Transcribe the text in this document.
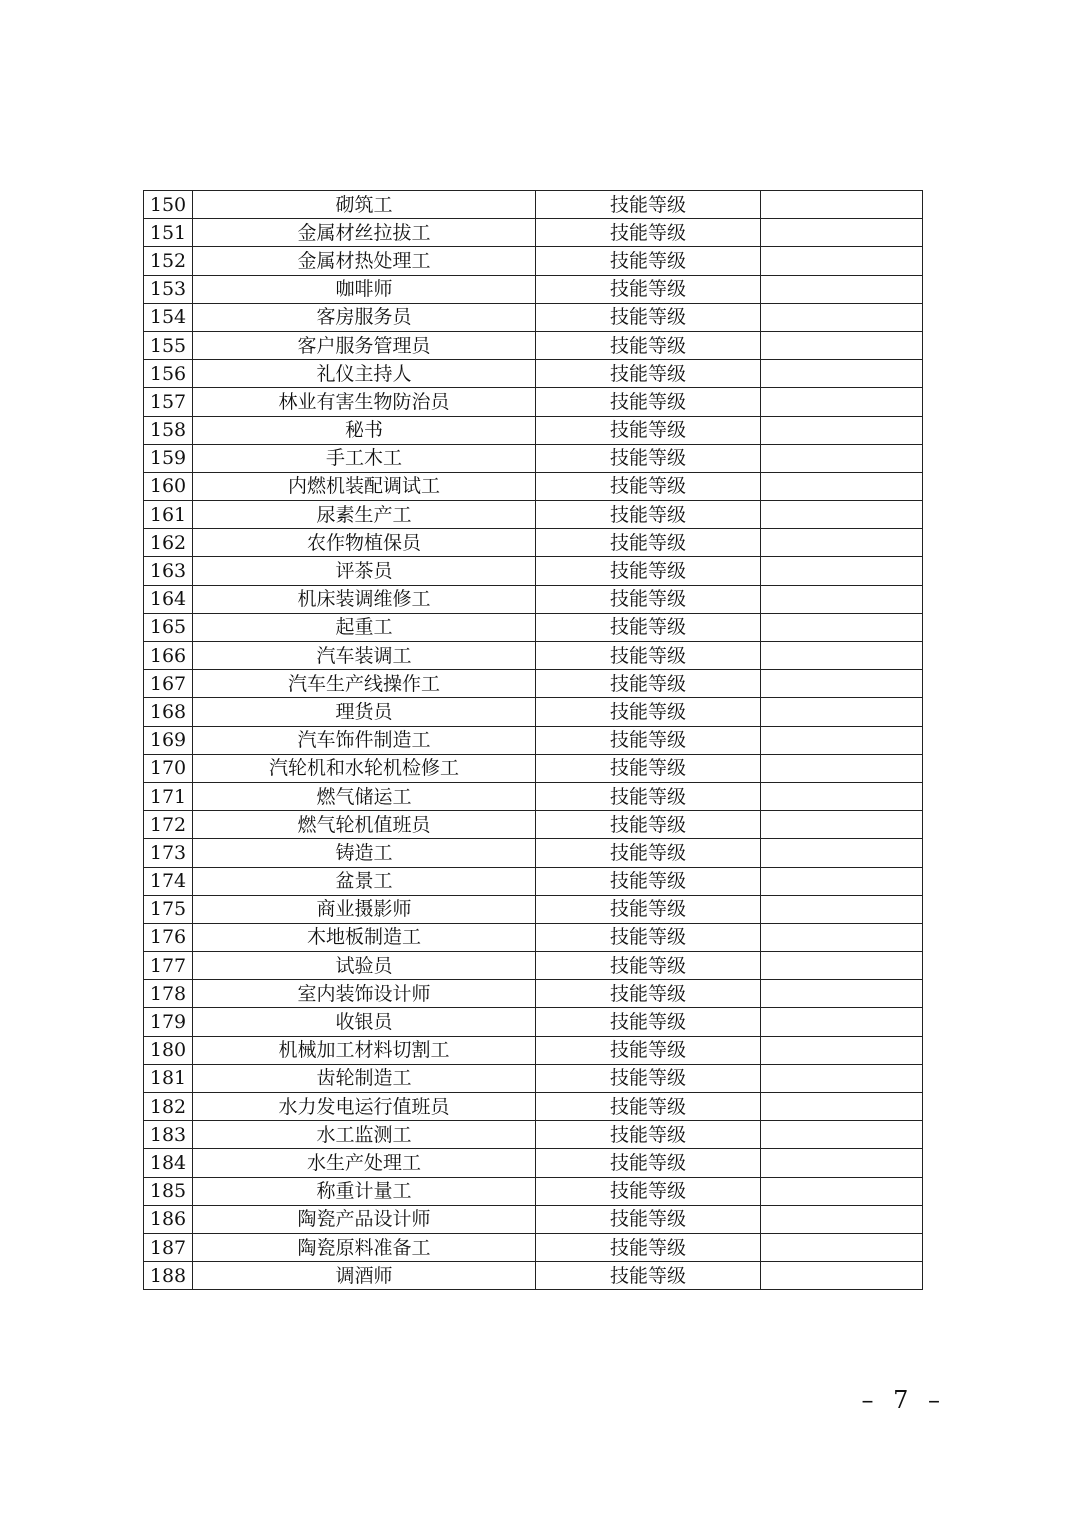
150	砌筑工	技能等级	
151	金属材丝拉拔工	技能等级	
152	金属材热处理工	技能等级	
153	咖啡师	技能等级	
154	客房服务员	技能等级	
155	客户服务管理员	技能等级	
156	礼仪主持人	技能等级	
157	林业有害生物防治员	技能等级	
158	秘书	技能等级	
159	手工木工	技能等级	
160	内燃机装配调试工	技能等级	
161	尿素生产工	技能等级	
162	农作物植保员	技能等级	
163	评茶员	技能等级	
164	机床装调维修工	技能等级	
165	起重工	技能等级	
166	汽车装调工	技能等级	
167	汽车生产线操作工	技能等级	
168	理货员	技能等级	
169	汽车饰件制造工	技能等级	
170	汽轮机和水轮机检修工	技能等级	
171	燃气储运工	技能等级	
172	燃气轮机值班员	技能等级	
173	铸造工	技能等级	
174	盆景工	技能等级	
175	商业摄影师	技能等级	
176	木地板制造工	技能等级	
177	试验员	技能等级	
178	室内装饰设计师	技能等级	
179	收银员	技能等级	
180	机械加工材料切割工	技能等级	
181	齿轮制造工	技能等级	
182	水力发电运行值班员	技能等级	
183	水工监测工	技能等级	
184	水生产处理工	技能等级	
185	称重计量工	技能等级	
186	陶瓷产品设计师	技能等级	
187	陶瓷原料准备工	技能等级	
188	调酒师	技能等级	
– 7 –
